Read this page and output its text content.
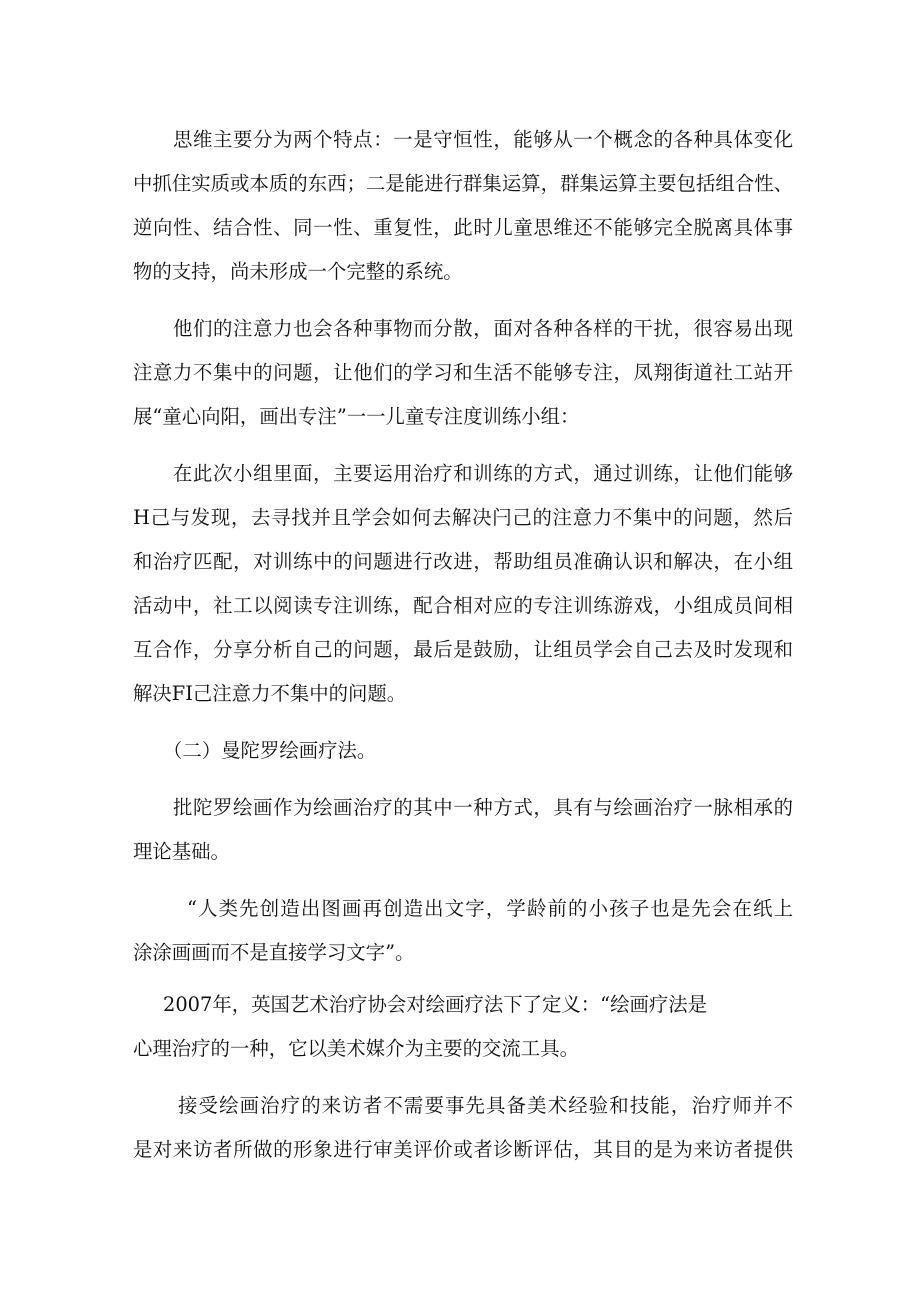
思维主要分为两个特点：一是守恒性，能够从一个概念的各种具体变化
中抓住实质或本质的东西；二是能进行群集运算，群集运算主要包括组合性、
逆向性、结合性、同一性、重复性，此时儿童思维还不能够完全脱离具体事
物的支持，尚未形成一个完整的系统。
他们的注意力也会各种事物而分散，面对各种各样的干扰，很容易出现
注意力不集中的问题，让他们的学习和生活不能够专注，凤翔街道社工站开
展“童心向阳，画出专注”一一儿童专注度训练小组：
在此次小组里面，主要运用治疗和训练的方式，通过训练，让他们能够
H己与发现，去寻找并且学会如何去解决闩己的注意力不集中的问题，然后
和治疗匹配，对训练中的问题进行改进，帮助组员准确认识和解决，在小组
活动中，社工以阅读专注训练，配合相对应的专注训练游戏，小组成员间相
互合作，分享分析自己的问题，最后是鼓励，让组员学会自己去及时发现和
解决FI己注意力不集中的问题。
（二）曼陀罗绘画疗法。
批陀罗绘画作为绘画治疗的其中一种方式，具有与绘画治疗一脉相承的
理论基础。
“人类先创造出图画再创造出文字，学龄前的小孩子也是先会在纸上
涂涂画画而不是直接学习文字”。
2007年，英国艺术治疗协会对绘画疗法下了定义：“绘画疗法是
心理治疗的一种，它以美术媒介为主要的交流工具。
接受绘画治疗的来访者不需要事先具备美术经验和技能，治疗师并不
是对来访者所做的形象进行审美评价或者诊断评估，其目的是为来访者提供
